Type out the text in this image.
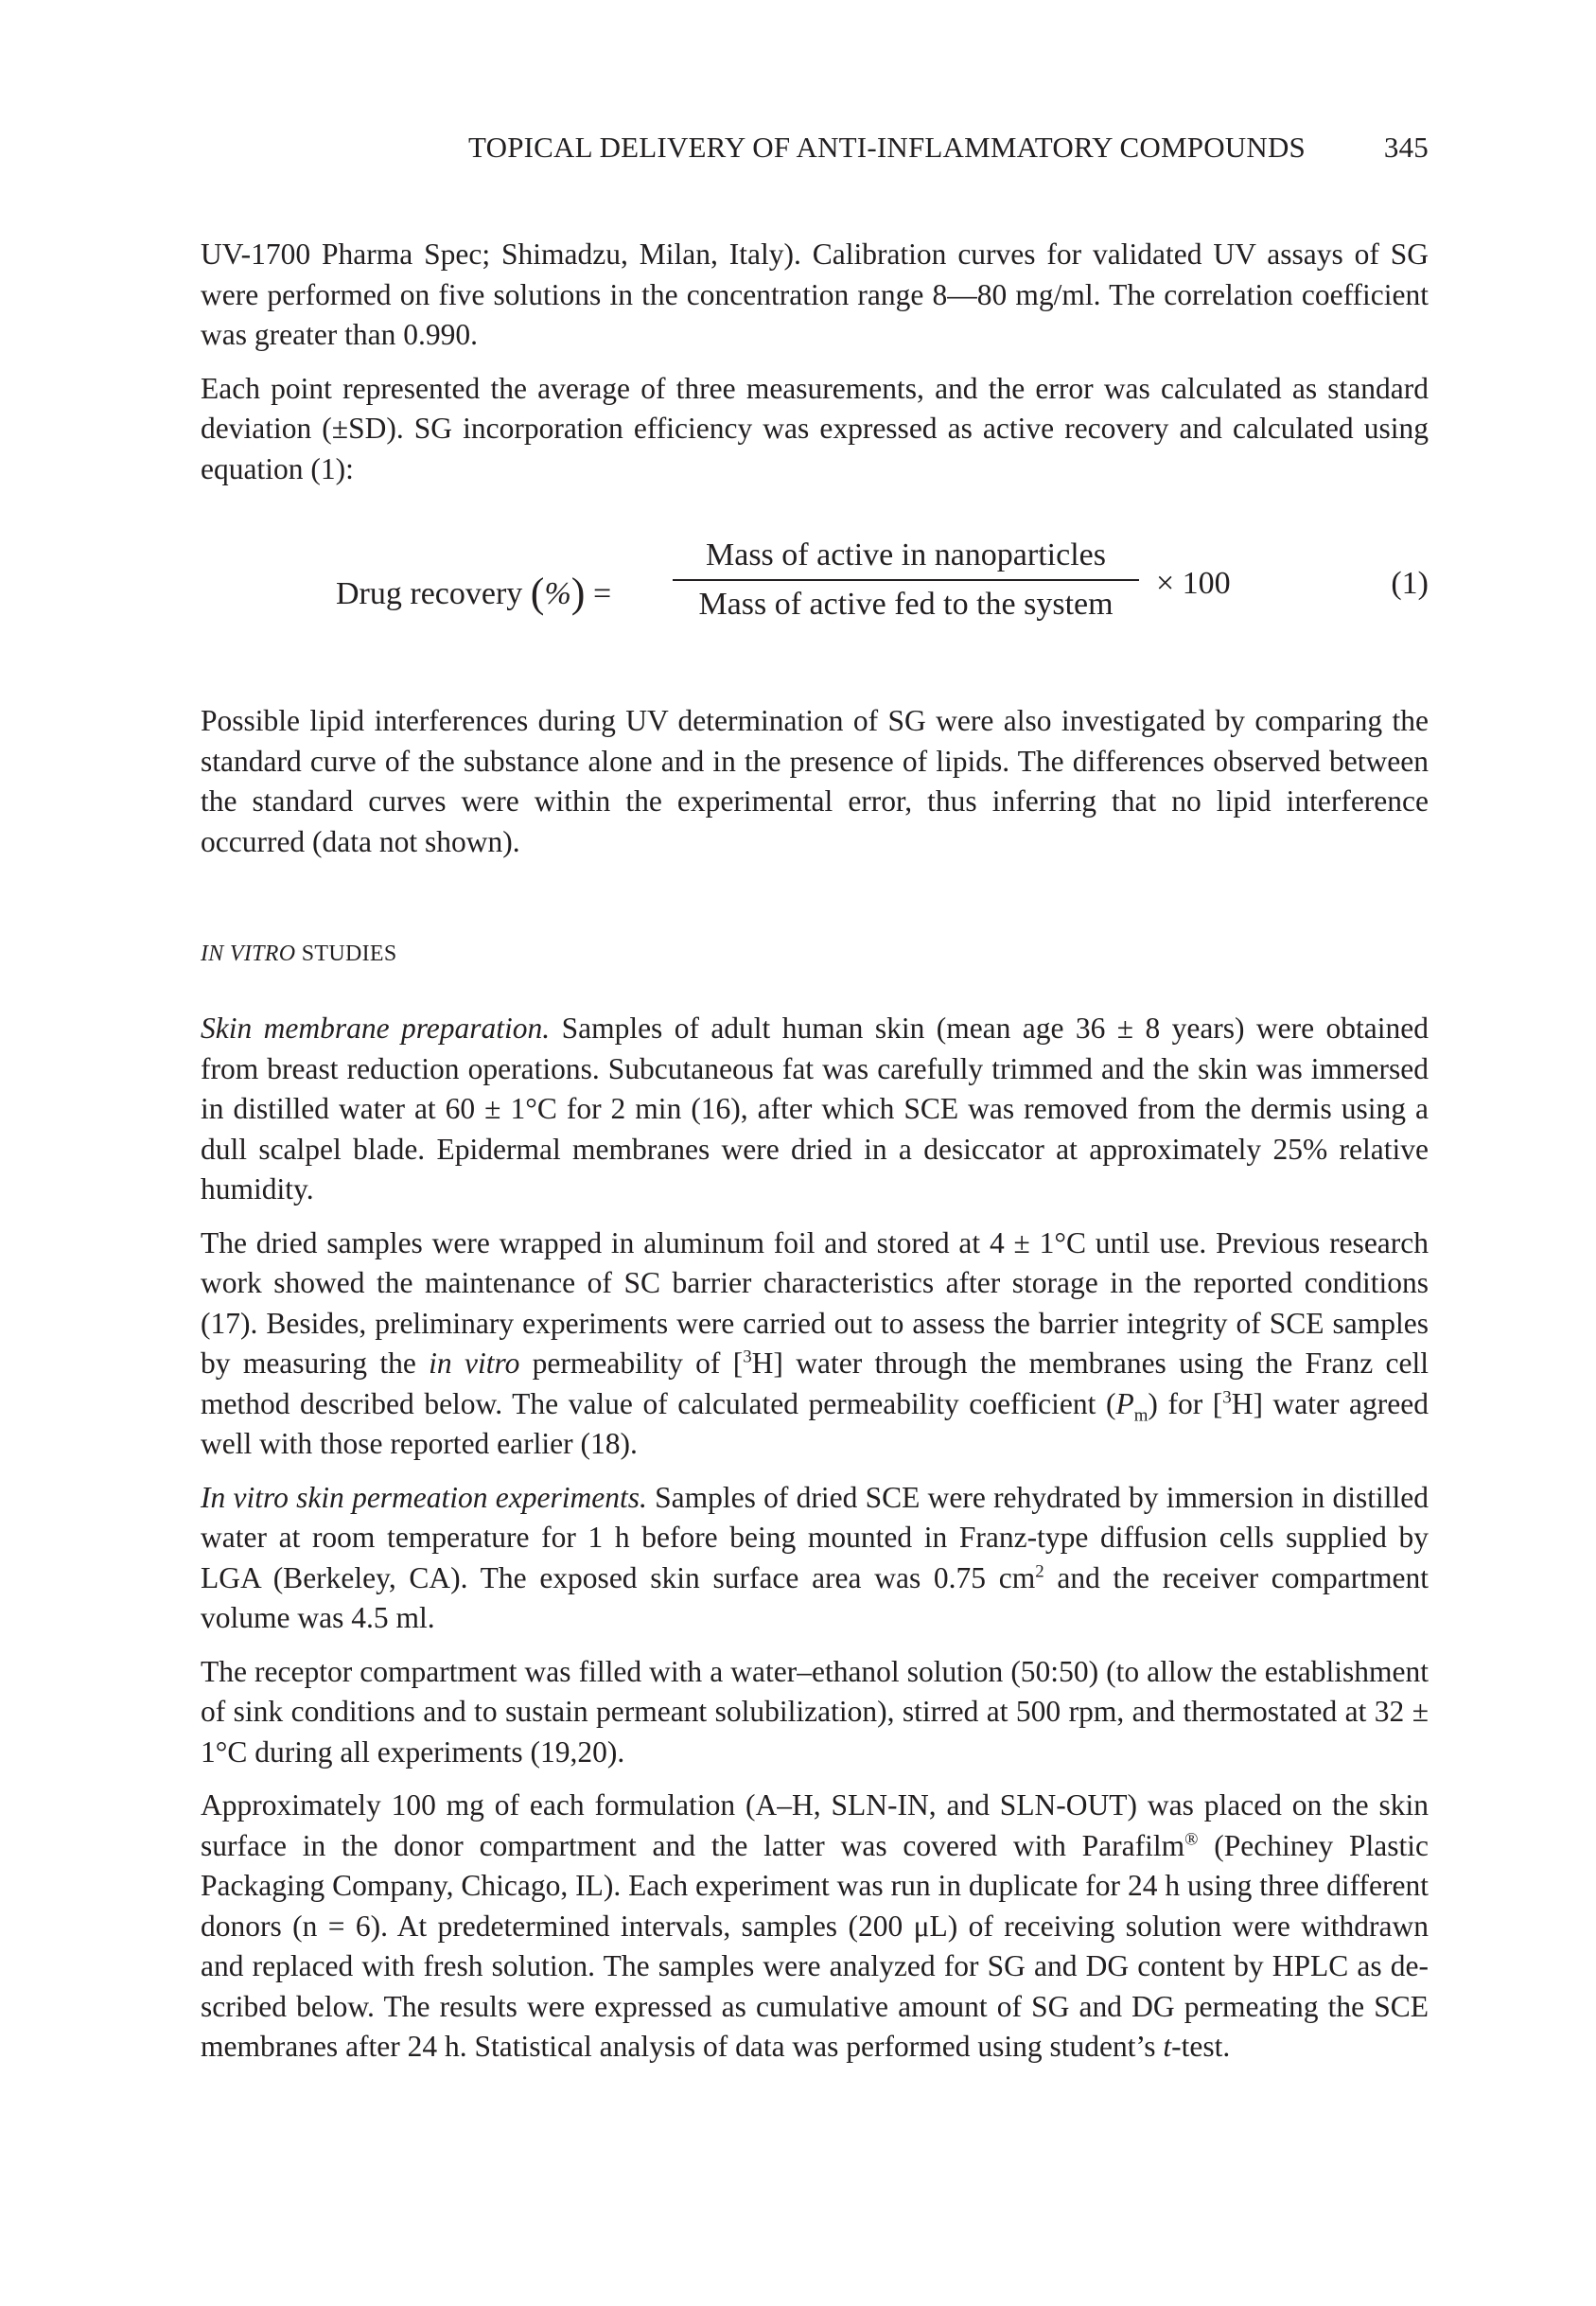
TOPICAL DELIVERY OF ANTI-INFLAMMATORY COMPOUNDS	345

UV-1700 Pharma Spec; Shimadzu, Milan, Italy). Calibration curves for validated UV assays of SG were performed on five solutions in the concentration range 8—80 mg/ml. The correlation coefficient was greater than 0.990.

Each point represented the average of three measurements, and the error was calculated as standard deviation (±SD). SG incorporation efficiency was expressed as active recovery and calculated using equation (1):

Drug recovery (%) =
Mass of active in nanoparticles
Mass of active fed to the system
× 100	(1)

Possible lipid interferences during UV determination of SG were also investigated by comparing the standard curve of the substance alone and in the presence of lipids. The differences observed between the standard curves were within the experimental error, thus inferring that no lipid interference occurred (data not shown).

IN VITRO STUDIES

Skin membrane preparation. Samples of adult human skin (mean age 36 ± 8 years) were obtained from breast reduction operations. Subcutaneous fat was carefully trimmed and the skin was immersed in distilled water at 60 ± 1°C for 2 min (16), after which SCE was removed from the dermis using a dull scalpel blade. Epidermal membranes were dried in a desiccator at approximately 25% relative humidity.

The dried samples were wrapped in aluminum foil and stored at 4 ± 1°C until use. Previous research work showed the maintenance of SC barrier characteristics after storage in the reported conditions (17). Besides, preliminary experiments were carried out to assess the barrier integrity of SCE samples by measuring the in vitro permeability of [$^3$H] water through the membranes using the Franz cell method described below. The value of calculated permeability coefficient $(P_m)$ for [$^3$H] water agreed well with those reported earlier (18).

In vitro skin permeation experiments. Samples of dried SCE were rehydrated by immersion in distilled water at room temperature for 1 h before being mounted in Franz-type diffusion cells supplied by LGA (Berkeley, CA). The exposed skin surface area was 0.75 $cm^2$ and the receiver compartment volume was 4.5 ml.

The receptor compartment was filled with a water–ethanol solution (50:50) (to allow the establishment of sink conditions and to sustain permeant solubilization), stirred at 500 rpm, and thermostated at 32 ± 1°C during all experiments (19,20).

Approximately 100 mg of each formulation (A–H, SLN-IN, and SLN-OUT) was placed on the skin surface in the donor compartment and the latter was covered with Parafilm® (Pechiney Plastic Packaging Company, Chicago, IL). Each experiment was run in duplicate for 24 h using three different donors (n = 6). At predetermined intervals, samples (200 μL) of receiving solution were withdrawn and replaced with fresh solution. The samples were analyzed for SG and DG content by HPLC as described below. The results were expressed as cumulative amount of SG and DG permeating the SCE membranes after 24 h. Statistical analysis of data was performed using student’s t-test.
